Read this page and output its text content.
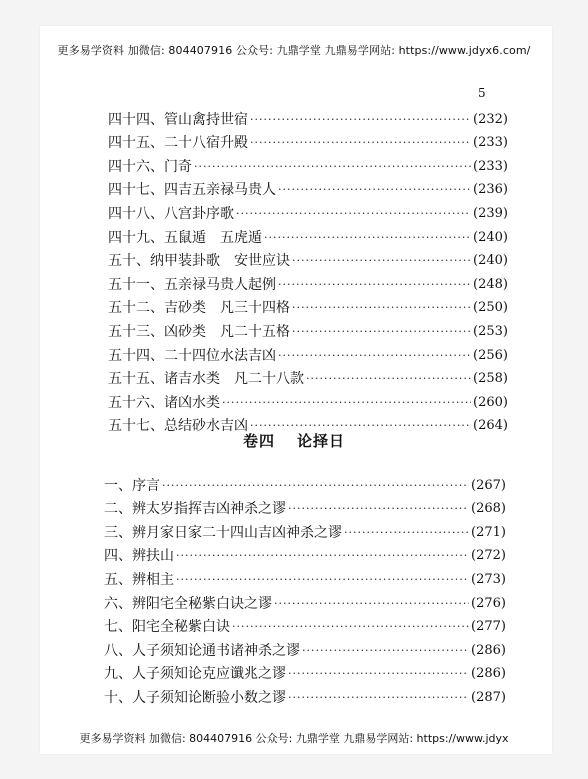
更多易学资料 加微信: 804407916 公众号: 九鼎学堂 九鼎易学网站: https://www.jdyx6.com/
5
四十四、 管山禽持世宿 ·····	(232)
四十五、 二十八宿升殿 ·····	(233)
四十六、 门奇 ·····	(233)
四十七、 四吉五亲禄马贵人 ·····	(236)
四十八、 八宫卦序歌 ·····	(239)
四十九、 五鼠遁　五虎遁 ·····	(240)
五十、 纳甲装卦歌　安世应诀 ·····	(240)
五十一、 五亲禄马贵人起例 ·····	(248)
五十二、 吉砂类　凡三十四格 ·····	(250)
五十三、 凶砂类　凡二十五格 ·····	(253)
五十四、 二十四位水法吉凶 ·····	(256)
五十五、 诸吉水类　凡二十八款 ·····	(258)
五十六、 诸凶水类 ·····	(260)
五十七、 总结砂水吉凶 ·····	(264)
卷四 论择日
一、 序言 ·····	(267)
二、 辨太岁指挥吉凶神杀之谬 ·····	(268)
三、 辨月家日家二十四山吉凶神杀之谬 ·····	(271)
四、 辨扶山 ·····	(272)
五、 辨相主 ·····	(273)
六、 辨阳宅全秘紫白诀之谬 ·····	(276)
七、 阳宅全秘紫白诀 ·····	(277)
八、 人子须知论通书诸神杀之谬 ·····	(286)
九、 人子须知论克应谶兆之谬 ·····	(286)
十、 人子须知论断验小数之谬 ·····	(287)
更多易学资料 加微信: 804407916 公众号: 九鼎学堂 九鼎易学网站: https://www.jdyx
